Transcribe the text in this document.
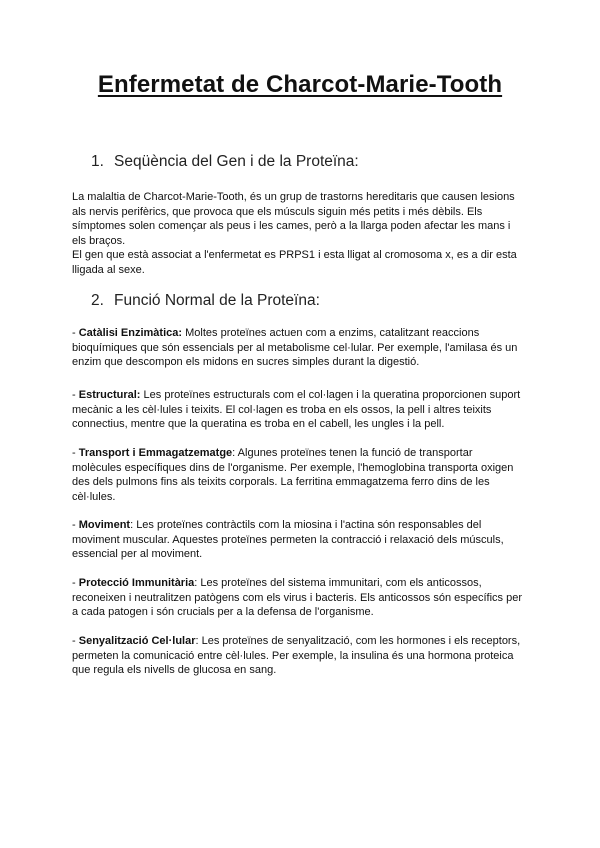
Enfermetat de Charcot-Marie-Tooth
1. Seqüència del Gen i de la Proteïna:
La malaltia de Charcot-Marie-Tooth, és un grup de trastorns hereditaris que causen lesions
als nervis perifèrics, que provoca que els músculs siguin més petits i més dèbils. Els
símptomes solen començar als peus i les cames, però a la llarga poden afectar les mans i
els braços.
El gen que està associat a l'enfermetat es PRPS1 i esta lligat al cromosoma x, es a dir esta
lligada al sexe.
2. Funció Normal de la Proteïna:
- Catàlisi Enzimàtica: Moltes proteïnes actuen com a enzims, catalitzant reaccions
bioquímiques que són essencials per al metabolisme cel·lular. Per exemple, l'amilasa és un
enzim que descompon els midons en sucres simples durant la digestió.
- Estructural: Les proteïnes estructurals com el col·lagen i la queratina proporcionen suport
mecànic a les cèl·lules i teixits. El col·lagen es troba en els ossos, la pell i altres teixits
connectius, mentre que la queratina es troba en el cabell, les ungles i la pell.
- Transport i Emmagatzematge: Algunes proteïnes tenen la funció de transportar
molècules específiques dins de l'organisme. Per exemple, l'hemoglobina transporta oxigen
des dels pulmons fins als teixits corporals. La ferritina emmagatzema ferro dins de les
cèl·lules.
- Moviment: Les proteïnes contràctils com la miosina i l'actina són responsables del
moviment muscular. Aquestes proteïnes permeten la contracció i relaxació dels músculs,
essencial per al moviment.
- Protecció Immunitària: Les proteïnes del sistema immunitari, com els anticossos,
reconeixen i neutralitzen patògens com els virus i bacteris. Els anticossos són específics per
a cada patogen i són crucials per a la defensa de l'organisme.
- Senyalització Cel·lular: Les proteïnes de senyalització, com les hormones i els receptors,
permeten la comunicació entre cèl·lules. Per exemple, la insulina és una hormona proteica
que regula els nivells de glucosa en sang.
